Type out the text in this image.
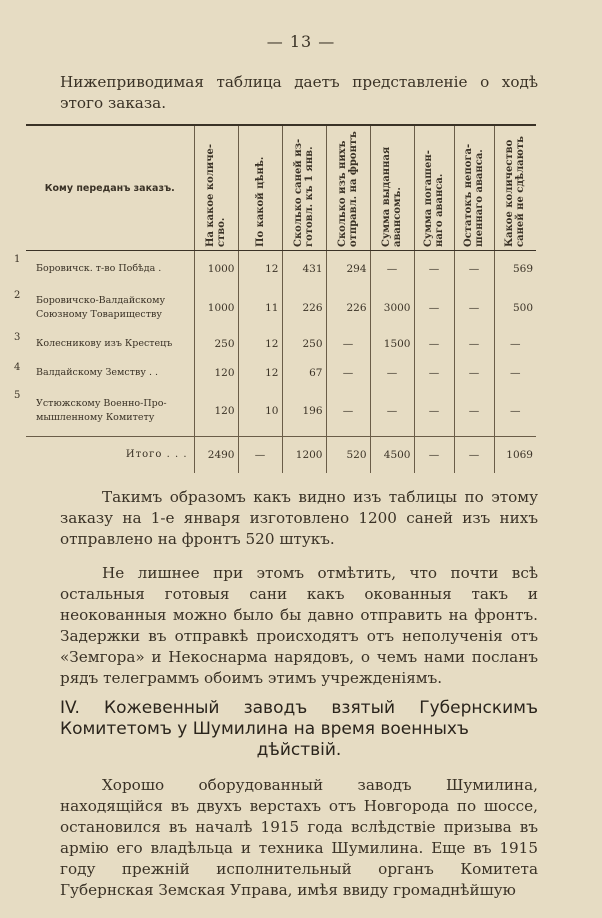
— 13 —

Нижеприводимая таблица даетъ представленіе о ходѣ этого заказа.

Кому переданъ заказъ.	На какое количе-ство.	По какой цѣнѣ.	Сколько саней из-готовл. къ 1 янв.	Сколько изъ нихъ отправл. на фронтъ	Сумма выданная авансомъ.	Сумма погашен-наго аванса.	Остатокъ непога-шеннаго аванса.	Какое количество саней не сдѣлають

1
Боровичск. т-во Побѣда .	1000	12	431	294	—	—	—	569

2 Боровичско-Валдайскому Союзному Товариществу	1000	11	226	226	3000	—	—	500

3
Колесникову изъ Крестецъ	250	12	250	—	1500	—	—	—

4 Валдайскому Земству . .	120	12	67	—	—	—	—	—

5
Устюжскому Военно-Про-мышленному Комитету	120	10	196	—	—	—	—	—
Итого . . .	2490	—	1200	520	4500	—	—	1069

Такимъ образомъ какъ видно изъ таблицы по этому заказу на 1-е января изготовлено 1200 саней изъ нихъ отправлено на фронтъ 520 штукъ.

Не лишнее при этомъ отмѣтить, что почти всѣ остальныя готовыя сани какъ окованныя такъ и неокованныя можно было бы давно отправить на фронтъ. Задержки въ отправкѣ происходятъ отъ неполученія отъ «Земгора» и Некоснарма нарядовъ, о чемъ нами посланъ рядъ телеграммъ обоимъ этимъ учрежденіямъ.

IV. Кожевенный заводъ взятый Губернскимъ Комитетомъ у Шумилина на время военныхъ
дѣйствій.

Хорошо оборудованный заводъ Шумилина, находящійся въ двухъ верстахъ отъ Новгорода по шоссе, остановился въ началѣ 1915 года вслѣдствіе призыва въ армію его владѣльца и техника Шумилина. Еще въ 1915 году прежній исполнительный органъ Комитета Губернская Земская Управа, имѣя ввиду громаднѣйшую
